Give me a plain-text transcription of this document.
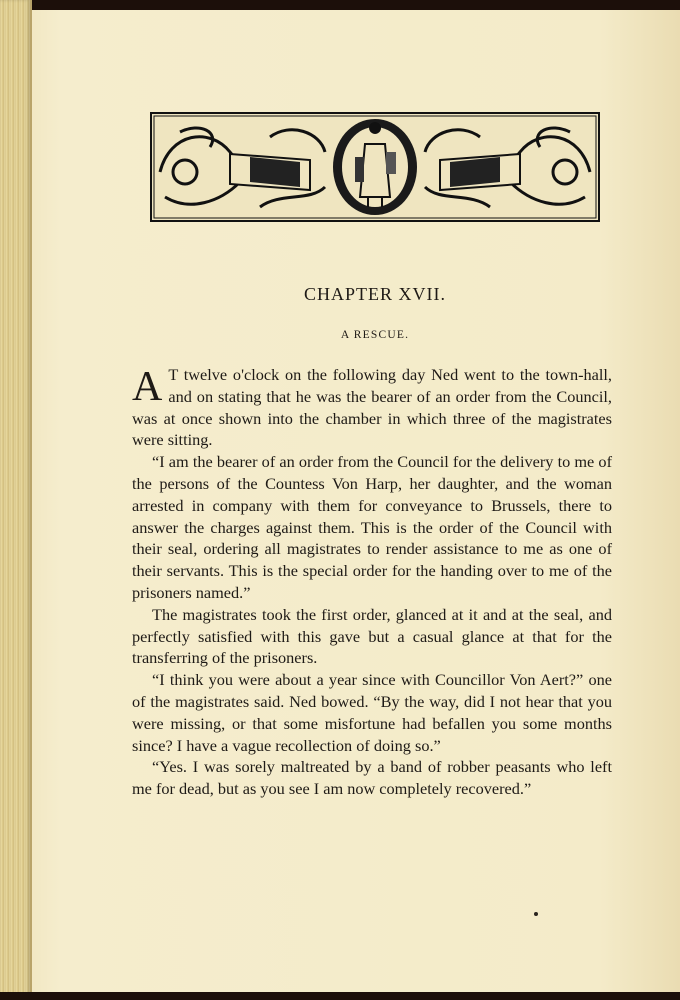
CHAPTER XVII.
A RESCUE.

A T twelve o'clock on the following day Ned went to the town-hall, and on stating that he was the bearer of an order from the Council, was at once shown into the chamber in which three of the magistrates were sitting.

“I am the bearer of an order from the Council for the delivery to me of the persons of the Countess Von Harp, her daughter, and the woman arrested in company with them for conveyance to Brussels, there to answer the charges against them. This is the order of the Council with their seal, ordering all magistrates to render assistance to me as one of their servants. This is the special order for the handing over to me of the prisoners named.”

The magistrates took the first order, glanced at it and at the seal, and perfectly satisfied with this gave but a casual glance at that for the transferring of the prisoners.

“I think you were about a year since with Councillor Von Aert?” one of the magistrates said. Ned bowed. “By the way, did I not hear that you were missing, or that some misfortune had befallen you some months since? I have a vague recollection of doing so.”

“Yes. I was sorely maltreated by a band of robber peasants who left me for dead, but as you see I am now completely recovered.”
